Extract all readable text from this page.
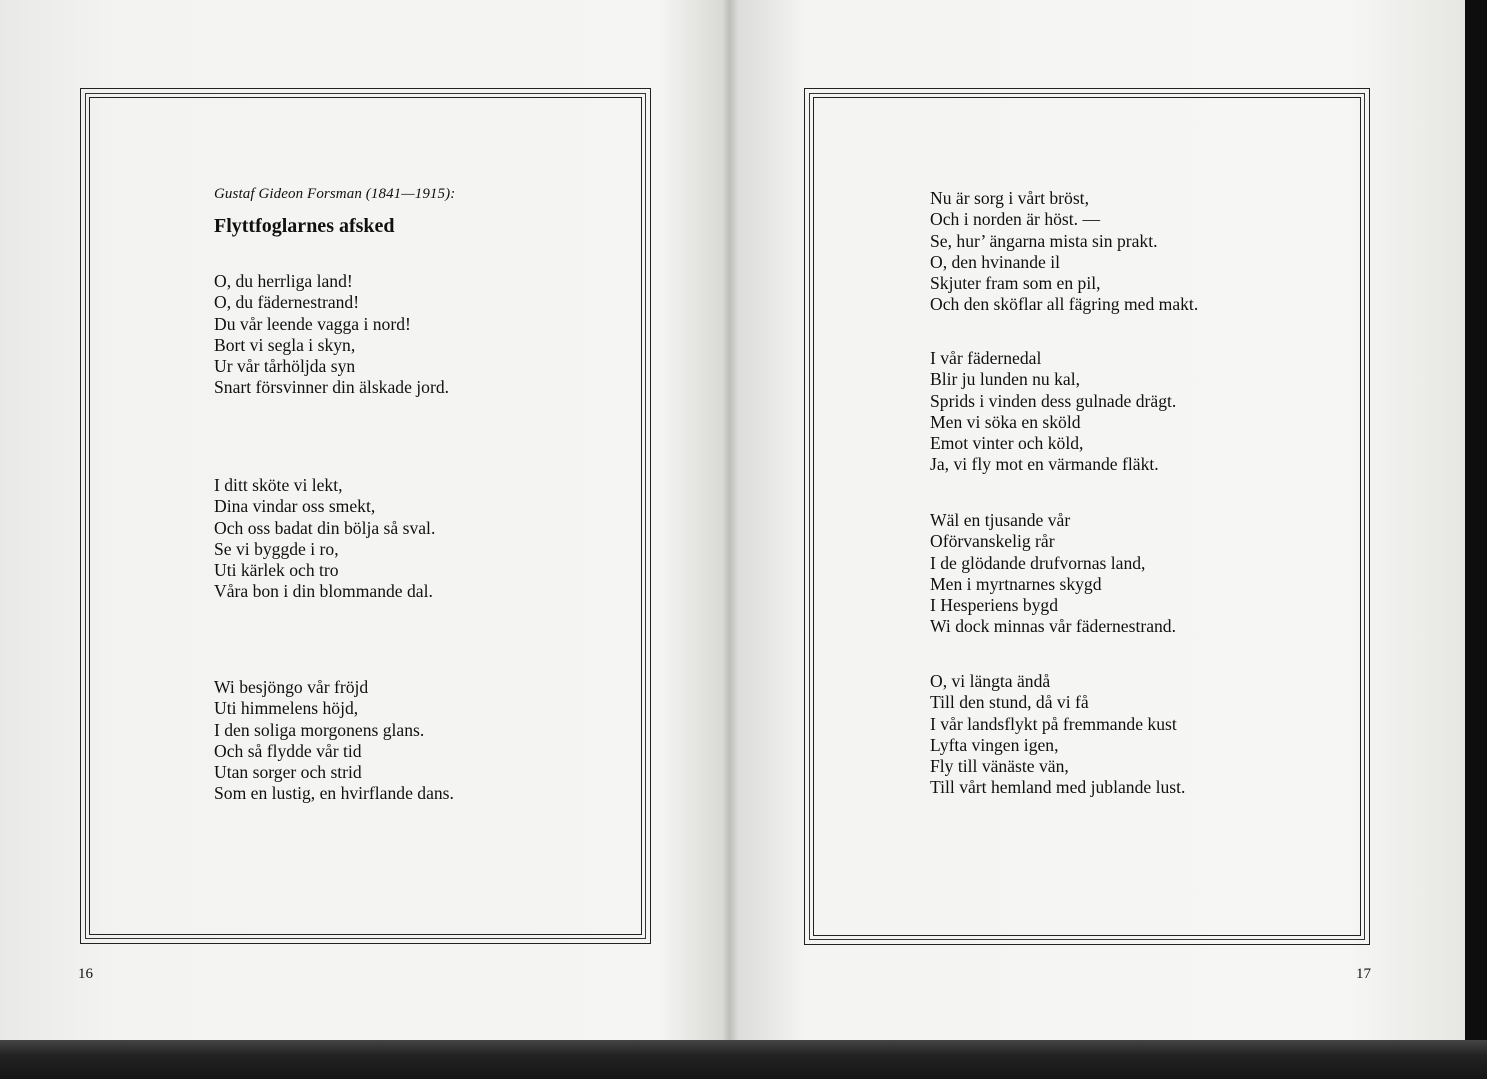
Gustaf Gideon Forsman (1841—1915):
Flyttfoglarnes afsked
O, du herrliga land!
O, du fädernestrand!
Du vår leende vagga i nord!
Bort vi segla i skyn,
Ur vår tårhöljda syn
Snart försvinner din älskade jord.
I ditt sköte vi lekt,
Dina vindar oss smekt,
Och oss badat din bölja så sval.
Se vi byggde i ro,
Uti kärlek och tro
Våra bon i din blommande dal.
Wi besjöngo vår fröjd
Uti himmelens höjd,
I den soliga morgonens glans.
Och så flydde vår tid
Utan sorger och strid
Som en lustig, en hvirflande dans.
16
Nu är sorg i vårt bröst,
Och i norden är höst. —
Se, hur’ ängarna mista sin prakt.
O, den hvinande il
Skjuter fram som en pil,
Och den sköflar all fägring med makt.
I vår fädernedal
Blir ju lunden nu kal,
Sprids i vinden dess gulnade drägt.
Men vi söka en sköld
Emot vinter och köld,
Ja, vi fly mot en värmande fläkt.
Wäl en tjusande vår
Oförvanskelig rår
I de glödande drufvornas land,
Men i myrtnarnes skygd
I Hesperiens bygd
Wi dock minnas vår fädernestrand.
O, vi längta ändå
Till den stund, då vi få
I vår landsflykt på fremmande kust
Lyfta vingen igen,
Fly till vänäste vän,
Till vårt hemland med jublande lust.
17
